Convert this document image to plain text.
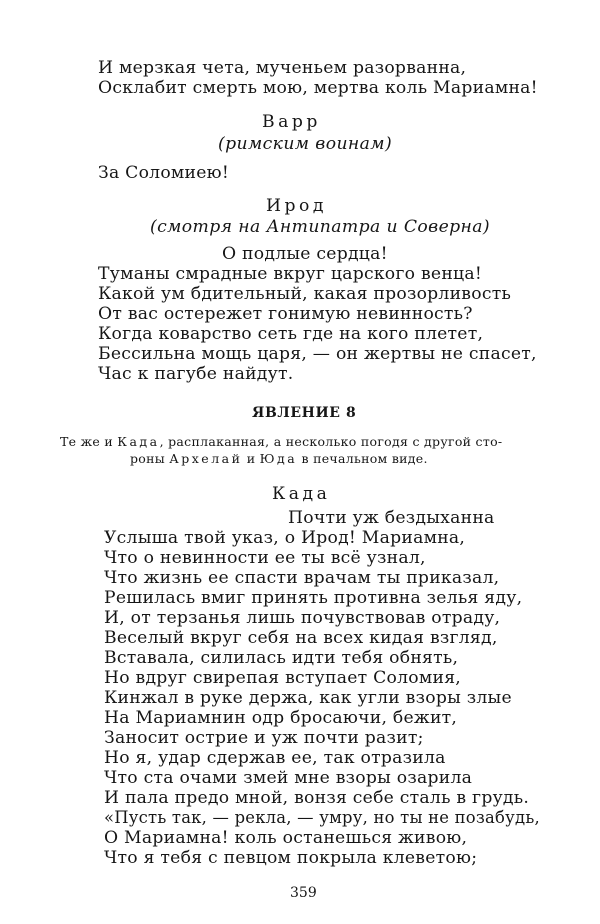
И мерзкая чета, мученьем разорванна,
Осклабит смерть мою, мертва коль Мариамна!
Варр
(римским воинам)
За Соломиею!
Ирод
(смотря на Антипатра и Соверна)
О подлые сердца!
Туманы смрадные вкруг царского венца!
Какой ум бдительный, какая прозорливость
От вас остережет гонимую невинность?
Когда коварство сеть где на кого плетет,
Бессильна мощь царя, — он жертвы не спасет,
Час к пагубе найдут.
ЯВЛЕНИЕ 8
Те же и Када, расплаканная, а несколько погодя с другой сто-
роны Архелай и Юда в печальном виде.
Када
Почти уж бездыханна
Услыша твой указ, о Ирод! Мариамна,
Что о невинности ее ты всё узнал,
Что жизнь ее спасти врачам ты приказал,
Решилась вмиг принять противна зелья яду,
И, от терзанья лишь почувствовав отраду,
Веселый вкруг себя на всех кидая взгляд,
Вставала, силилась идти тебя обнять,
Но вдруг свирепая вступает Соломия,
Кинжал в руке держа, как угли взоры злые
На Мариамнин одр бросаючи, бежит,
Заносит острие и уж почти разит;
Но я, удар сдержав ее, так отразила
Что ста очами змей мне взоры озарила
И пала предо мной, вонзя себе сталь в грудь.
«Пусть так, — рекла, — умру, но ты не позабудь,
О Мариамна! коль останешься живою,
Что я тебя с певцом покрыла клеветою;
359
